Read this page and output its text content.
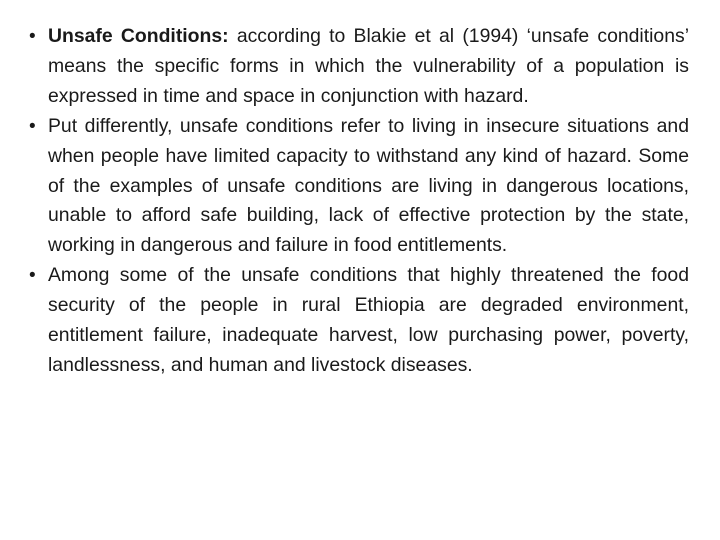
• Unsafe Conditions: according to Blakie et al (1994) ‘unsafe conditions’ means the specific forms in which the vulnerability of a population is expressed in time and space in conjunction with hazard.
• Put differently, unsafe conditions refer to living in insecure situations and when people have limited capacity to withstand any kind of hazard. Some of the examples of unsafe conditions are living in dangerous locations, unable to afford safe building, lack of effective protection by the state, working in dangerous and failure in food entitlements.
• Among some of the unsafe conditions that highly threatened the food security of the people in rural Ethiopia are degraded environment, entitlement failure, inadequate harvest, low purchasing power, poverty, landlessness, and human and livestock diseases.
